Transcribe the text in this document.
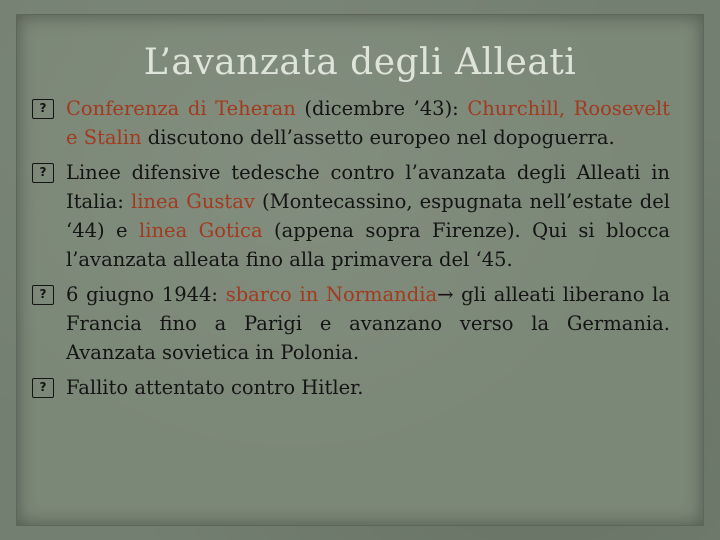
L’avanzata degli Alleati
?	Conferenza di Teheran (dicembre ’43): Churchill, Roosevelt e Stalin discutono dell’assetto europeo nel dopoguerra.
?	Linee difensive tedesche contro l’avanzata degli Alleati in Italia: linea Gustav (Montecassino, espugnata nell’estate del ‘44) e linea Gotica (appena sopra Firenze). Qui si blocca l’avanzata alleata fino alla primavera del ‘45.
?	6 giugno 1944: sbarco in Normandia→ gli alleati liberano la Francia fino a Parigi e avanzano verso la Germania. Avanzata sovietica in Polonia.
?	Fallito attentato contro Hitler.
